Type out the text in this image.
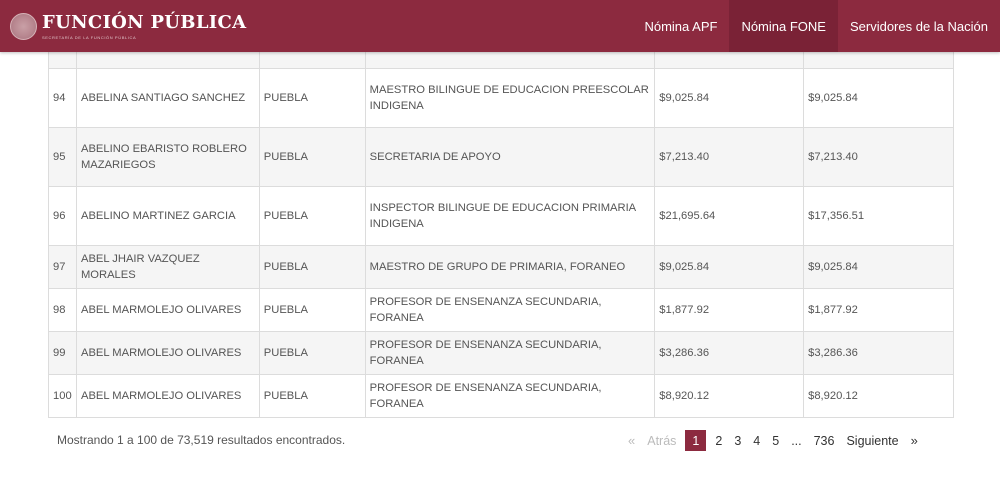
FUNCIÓN PÚBLICA
SECRETARÍA DE LA FUNCIÓN PÚBLICA
Nómina APF	Nómina FONE	Servidores de la Nación

94	ABELINA SANTIAGO SANCHEZ	PUEBLA	MAESTRO BILINGUE DE EDUCACION PREESCOLAR INDIGENA	$9,025.84	$9,025.84
95	ABELINO EBARISTO ROBLERO MAZARIEGOS	PUEBLA	SECRETARIA DE APOYO	$7,213.40	$7,213.40
96	ABELINO MARTINEZ GARCIA	PUEBLA	INSPECTOR BILINGUE DE EDUCACION PRIMARIA INDIGENA	$21,695.64	$17,356.51
97	ABEL JHAIR VAZQUEZ MORALES	PUEBLA	MAESTRO DE GRUPO DE PRIMARIA, FORANEO	$9,025.84	$9,025.84
98	ABEL MARMOLEJO OLIVARES	PUEBLA	PROFESOR DE ENSENANZA SECUNDARIA, FORANEA	$1,877.92	$1,877.92
99	ABEL MARMOLEJO OLIVARES	PUEBLA	PROFESOR DE ENSENANZA SECUNDARIA, FORANEA	$3,286.36	$3,286.36
100	ABEL MARMOLEJO OLIVARES	PUEBLA	PROFESOR DE ENSENANZA SECUNDARIA, FORANEA	$8,920.12	$8,920.12
Mostrando 1 a 100 de 73,519 resultados encontrados.	« Atrás	1	2 3 4 5 ... 736 Siguiente »
